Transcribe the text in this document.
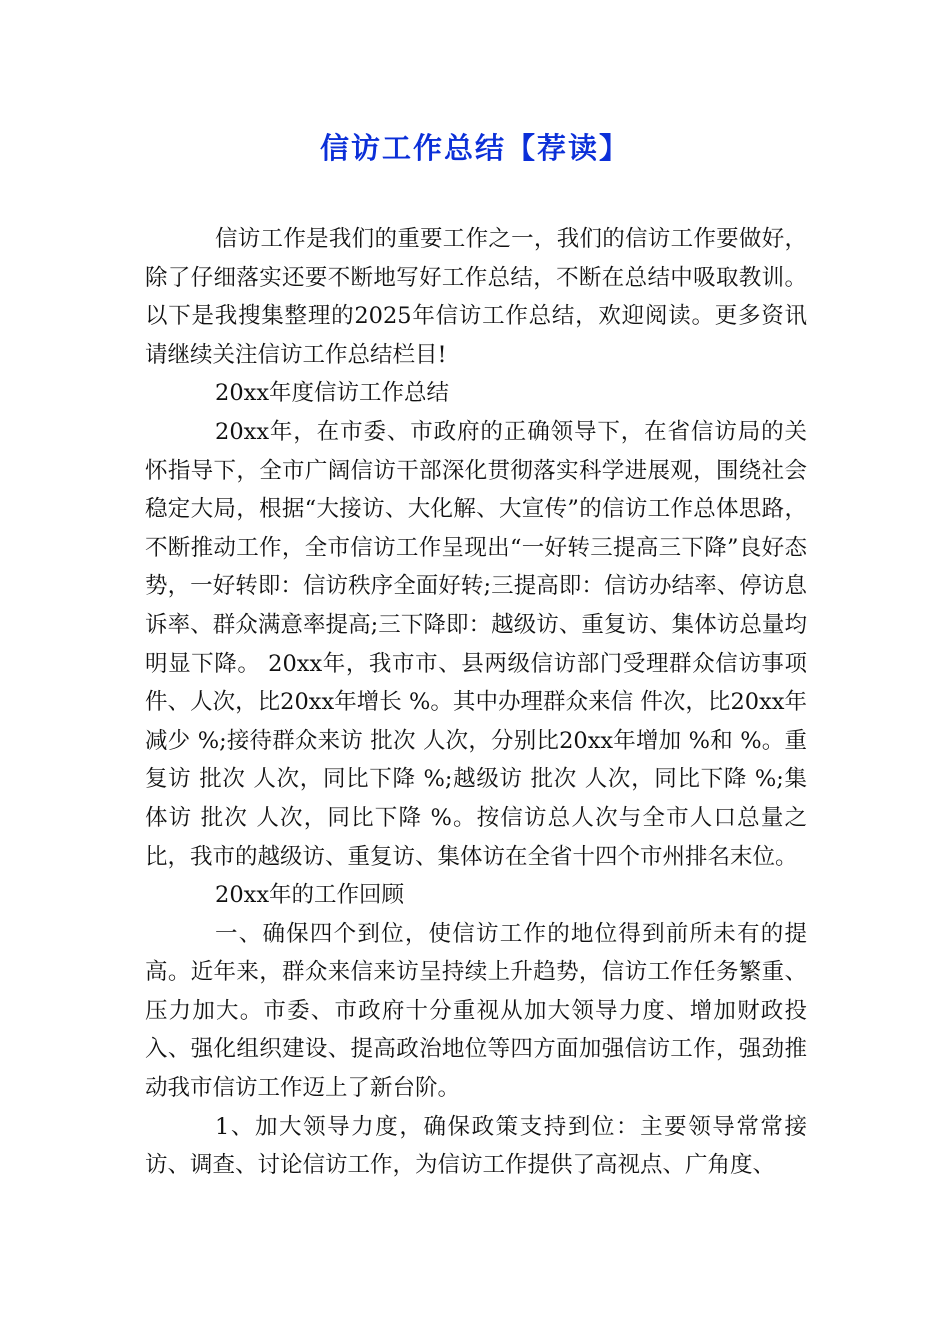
信访工作总结【荐读】

信访工作是我们的重要工作之一，我们的信访工作要做好，除了仔细落实还要不断地写好工作总结，不断在总结中吸取教训。以下是我搜集整理的2025年信访工作总结，欢迎阅读。更多资讯请继续关注信访工作总结栏目!

20xx年度信访工作总结

20xx年，在市委、市政府的正确领导下，在省信访局的关怀指导下，全市广阔信访干部深化贯彻落实科学进展观，围绕社会稳定大局，根据“大接访、大化解、大宣传”的信访工作总体思路，不断推动工作，全市信访工作呈现出“一好转三提高三下降”良好态势，一好转即：信访秩序全面好转;三提高即：信访办结率、停访息诉率、群众满意率提高;三下降即：越级访、重复访、集体访总量均明显下降。 20xx年，我市市、县两级信访部门受理群众信访事项 件、人次，比20xx年增长 %。其中办理群众来信 件次，比20xx年减少 %;接待群众来访 批次 人次，分别比20xx年增加 %和 %。重复访 批次 人次，同比下降 %;越级访 批次 人次，同比下降 %;集体访 批次 人次，同比下降 %。按信访总人次与全市人口总量之比，我市的越级访、重复访、集体访在全省十四个市州排名末位。

20xx年的工作回顾

一、确保四个到位，使信访工作的地位得到前所未有的提高。近年来，群众来信来访呈持续上升趋势，信访工作任务繁重、压力加大。市委、市政府十分重视从加大领导力度、增加财政投入、强化组织建设、提高政治地位等四方面加强信访工作，强劲推动我市信访工作迈上了新台阶。

1、加大领导力度，确保政策支持到位：主要领导常常接访、调查、讨论信访工作，为信访工作提供了高视点、广角度、
